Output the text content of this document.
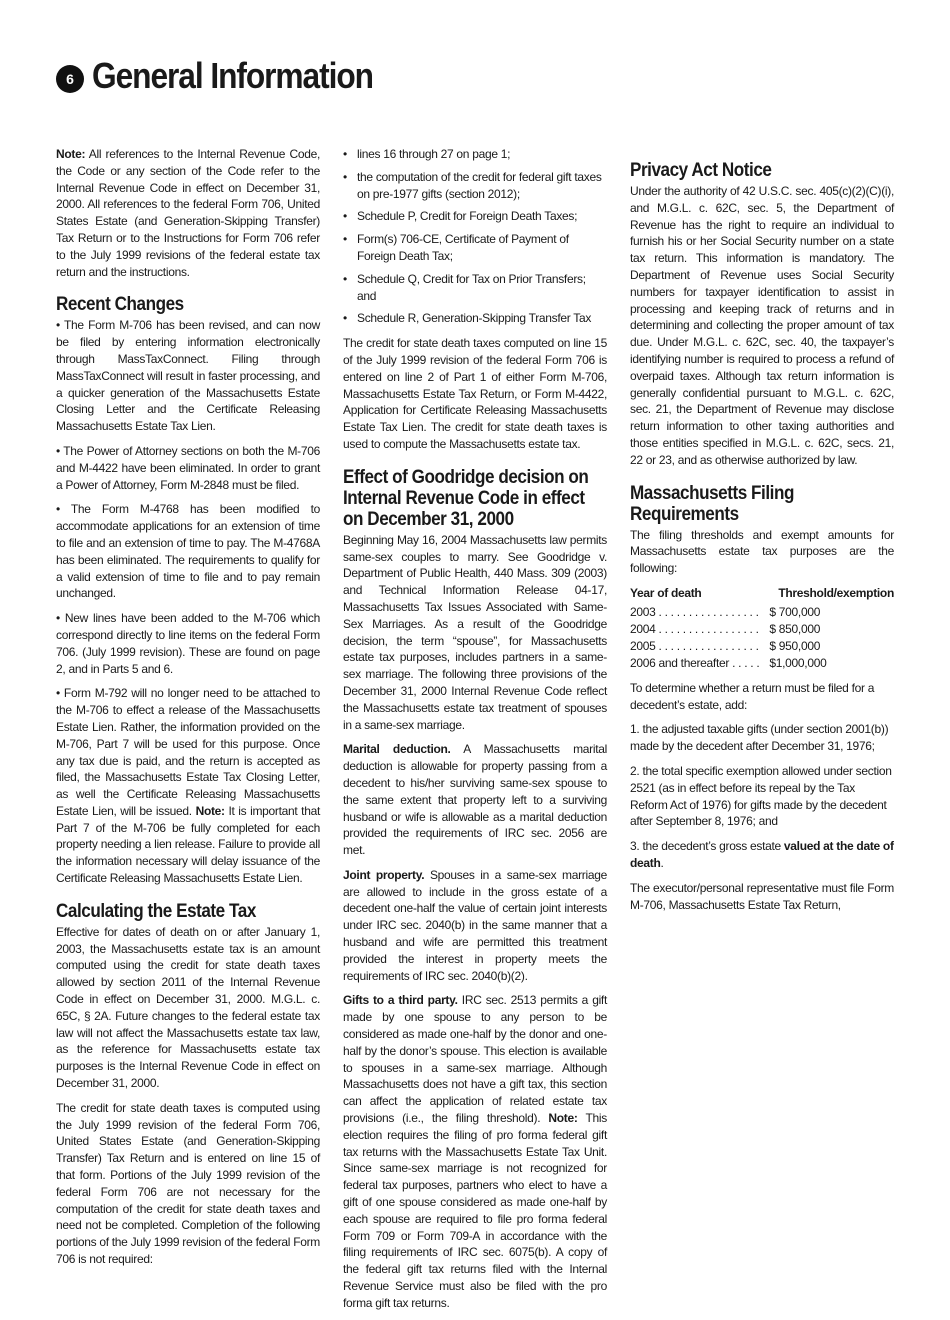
6 General Information

Note: All references to the Internal Revenue Code, the Code or any section of the Code refer to the Internal Revenue Code in effect on December 31, 2000. All references to the federal Form 706, United States Estate (and Generation-Skipping Transfer) Tax Return or to the Instructions for Form 706 refer to the July 1999 revisions of the federal estate tax return and the instructions.

Recent Changes

• The Form M-706 has been revised, and can now be filed by entering information electronically through MassTaxConnect. Filing through MassTaxConnect will result in faster processing, and a quicker generation of the Massachusetts Estate Closing Letter and the Certificate Releasing Massachusetts Estate Tax Lien.

• The Power of Attorney sections on both the M-706 and M-4422 have been eliminated. In order to grant a Power of Attorney, Form M-2848 must be filed.

• The Form M-4768 has been modified to accommodate applications for an extension of time to file and an extension of time to pay. The M-4768A has been eliminated. The requirements to qualify for a valid extension of time to file and to pay remain unchanged.

• New lines have been added to the M-706 which correspond directly to line items on the federal Form 706. (July 1999 revision). These are found on page 2, and in Parts 5 and 6.

• Form M-792 will no longer need to be attached to the M-706 to effect a release of the Massachusetts Estate Lien. Rather, the information provided on the M-706, Part 7 will be used for this purpose. Once any tax due is paid, and the return is accepted as filed, the Massachusetts Estate Tax Closing Letter, as well the Certificate Releasing Massachusetts Estate Lien, will be issued. Note: It is important that Part 7 of the M-706 be fully completed for each property needing a lien release. Failure to provide all the information necessary will delay issuance of the Certificate Releasing Massachusetts Estate Lien.

Calculating the Estate Tax

Effective for dates of death on or after January 1, 2003, the Massachusetts estate tax is an amount computed using the credit for state death taxes allowed by section 2011 of the Internal Revenue Code in effect on December 31, 2000. M.G.L. c. 65C, § 2A. Future changes to the federal estate tax law will not affect the Massachusetts estate tax law, as the reference for Massachusetts estate tax purposes is the Internal Revenue Code in effect on December 31, 2000.

The credit for state death taxes is computed using the July 1999 revision of the federal Form 706, United States Estate (and Generation-Skipping Transfer) Tax Return and is entered on line 15 of that form. Portions of the July 1999 revision of the federal Form 706 are not necessary for the computation of the credit for state death taxes and need not be completed. Completion of the following portions of the July 1999 revision of the federal Form 706 is not required:

Privacy Act Notice

Under the authority of 42 U.S.C. sec. 405(c)(2)(C)(i), and M.G.L. c. 62C, sec. 5, the Department of Revenue has the right to require an individual to furnish his or her Social Security number on a state tax return. This information is mandatory. The Department of Revenue uses Social Security numbers for taxpayer identification to assist in processing and keeping track of returns and in determining and collecting the proper amount of tax due. Under M.G.L. c. 62C, sec. 40, the taxpayer’s identifying number is required to process a refund of overpaid taxes. Although tax return information is generally confidential pursuant to M.G.L. c. 62C, sec. 21, the Department of Revenue may disclose return information to other taxing authorities and those entities specified in M.G.L. c. 62C, secs. 21, 22 or 23, and as otherwise authorized by law.

Massachusetts Filing Requirements

The filing thresholds and exempt amounts for Massachusetts estate tax purposes are the following:

Year of death	Threshold/exemption
2003 . . . . . . . . . . . . . . . . .	$ 700,000
2004 . . . . . . . . . . . . . . . . .	$ 850,000
2005 . . . . . . . . . . . . . . . . .	$ 950,000
2006 and thereafter . . . . .	$1,000,000

To determine whether a return must be filed for a decedent’s estate, add:

1. the adjusted taxable gifts (under section 2001(b)) made by the decedent after December 31, 1976;

2. the total specific exemption allowed under section 2521 (as in effect before its repeal by the Tax Reform Act of 1976) for gifts made by the decedent after September 8, 1976; and

3. the decedent’s gross estate valued at the date of death.

The executor/personal representative must file Form M-706, Massachusetts Estate Tax Return,

• lines 16 through 27 on page 1;
• the computation of the credit for federal gift taxes on pre-1977 gifts (section 2012);
• Schedule P, Credit for Foreign Death Taxes;
• Form(s) 706-CE, Certificate of Payment of Foreign Death Tax;
• Schedule Q, Credit for Tax on Prior Transfers; and
• Schedule R, Generation-Skipping Transfer Tax

The credit for state death taxes computed on line 15 of the July 1999 revision of the federal Form 706 is entered on line 2 of Part 1 of either Form M-706, Massachusetts Estate Tax Return, or Form M-4422, Application for Certificate Releasing Massachusetts Estate Tax Lien. The credit for state death taxes is used to compute the Massachusetts estate tax.

Effect of Goodridge decision on Internal Revenue Code in effect on December 31, 2000

Beginning May 16, 2004 Massachusetts law permits same-sex couples to marry. See Goodridge v. Department of Public Health, 440 Mass. 309 (2003) and Technical Information Release 04-17, Massachusetts Tax Issues Associated with Same-Sex Marriages. As a result of the Goodridge decision, the term “spouse”, for Massachusetts estate tax purposes, includes partners in a same-sex marriage. The following three provisions of the December 31, 2000 Internal Revenue Code reflect the Massachusetts estate tax treatment of spouses in a same-sex marriage.

Marital deduction. A Massachusetts marital deduction is allowable for property passing from a decedent to his/her surviving same-sex spouse to the same extent that property left to a surviving husband or wife is allowable as a marital deduction provided the requirements of IRC sec. 2056 are met.

Joint property. Spouses in a same-sex marriage are allowed to include in the gross estate of a decedent one-half the value of certain joint interests under IRC sec. 2040(b) in the same manner that a husband and wife are permitted this treatment provided the interest in property meets the requirements of IRC sec. 2040(b)(2).

Gifts to a third party. IRC sec. 2513 permits a gift made by one spouse to any person to be considered as made one-half by the donor and one-half by the donor’s spouse. This election is available to spouses in a same-sex marriage. Although Massachusetts does not have a gift tax, this section can affect the application of related estate tax provisions (i.e., the filing threshold). Note: This election requires the filing of pro forma federal gift tax returns with the Massachusetts Estate Tax Unit. Since same-sex marriage is not recognized for federal tax purposes, partners who elect to have a gift of one spouse considered as made one-half by each spouse are required to file pro forma federal Form 709 or Form 709-A in accordance with the filing requirements of IRC sec. 6075(b). A copy of the federal gift tax returns filed with the Internal Revenue Service must also be filed with the pro forma gift tax returns.
